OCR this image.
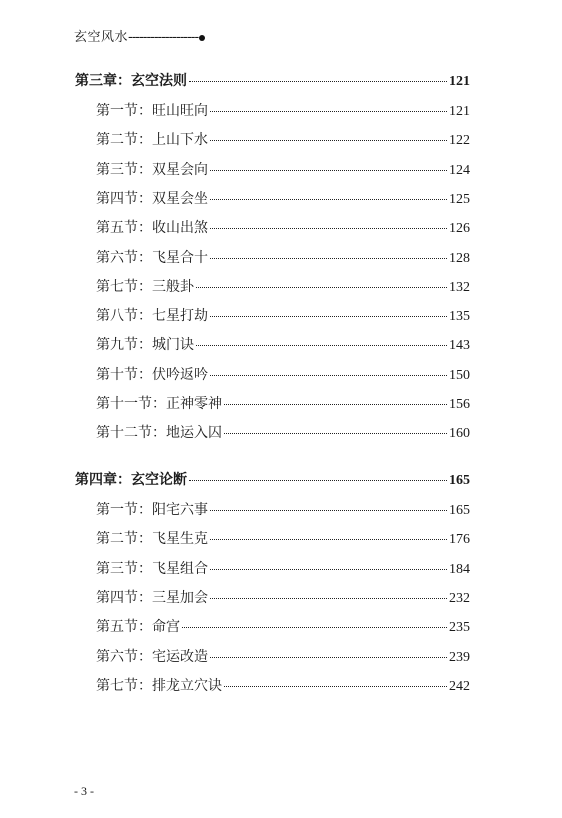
玄空风水-------------------
第三章：玄空法则	121
第一节：旺山旺向	121
第二节：上山下水	122
第三节：双星会向	124
第四节：双星会坐	125
第五节：收山出煞	126
第六节：飞星合十	128
第七节：三般卦	132
第八节：七星打劫	135
第九节：城门诀	143
第十节：伏吟返吟	150
第十一节：正神零神	156
第十二节：地运入囚	160
第四章：玄空论断	165
第一节：阳宅六事	165
第二节：飞星生克	176
第三节：飞星组合	184
第四节：三星加会	232
第五节：命宫	235
第六节：宅运改造	239
第七节：排龙立穴诀	242
- 3 -
